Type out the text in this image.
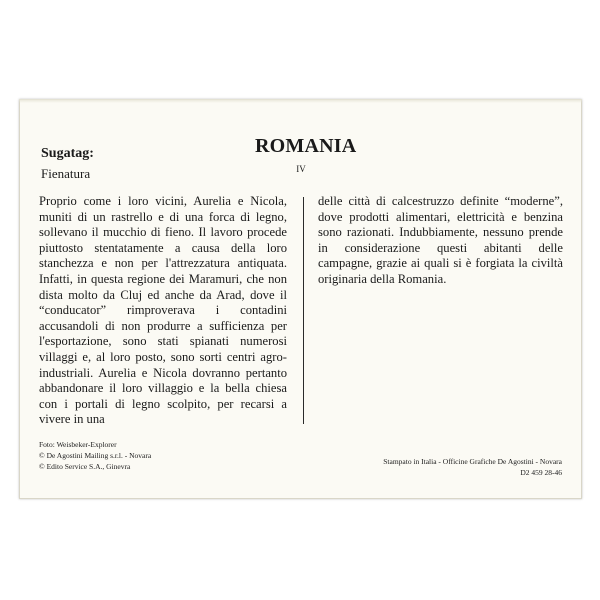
ROMANIA
IV
Sugatag:
Fienatura

Proprio come i loro vicini, Aurelia e Nicola, muniti di un rastrello e di una forca di legno, sollevano il mucchio di fieno. Il lavoro procede piuttosto stentatamente a causa della loro stanchezza e non per l'attrezzatura antiquata. Infatti, in questa regione dei Maramuri, che non dista molto da Cluj ed anche da Arad, dove il “conducator” rimproverava i contadini accusandoli di non produrre a sufficienza per l'esportazione, sono stati spianati numerosi villaggi e, al loro posto, sono sorti centri agro-industriali. Aurelia e Nicola dovranno pertanto abbandonare il loro villaggio e la bella chiesa con i portali di legno scolpito, per recarsi a vivere in una

delle città di calcestruzzo definite “moderne”, dove prodotti alimentari, elettricità e benzina sono razionati. Indubbiamente, nessuno prende in considerazione questi abitanti delle campagne, grazie ai quali si è forgiata la civiltà originaria della Romania.

Foto: Weisbeker-Explorer
© De Agostini Mailing s.r.l. - Novara
© Edito Service S.A., Ginevra
Stampato in Italia - Officine Grafiche De Agostini - Novara
D2 459 28-46
